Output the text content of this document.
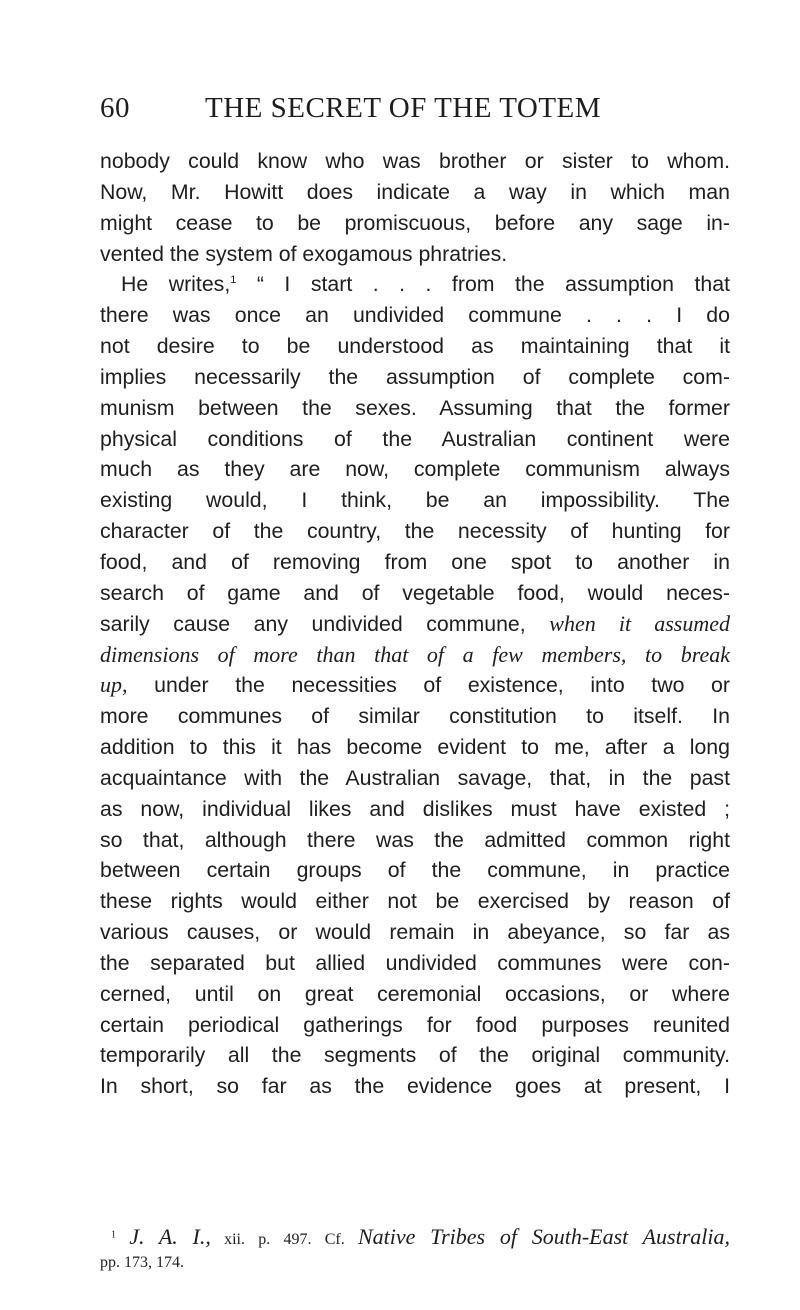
60	THE SECRET OF THE TOTEM
nobody could know who was brother or sister to whom.
Now, Mr. Howitt does indicate a way in which man
might cease to be promiscuous, before any sage in-
vented the system of exogamous phratries.
He writes,$^1$ “ I start . . . from the assumption that
there was once an undivided commune . . . I do
not desire to be understood as maintaining that it
implies necessarily the assumption of complete com-
munism between the sexes. Assuming that the former
physical conditions of the Australian continent were
much as they are now, complete communism always
existing would, I think, be an impossibility. The
character of the country, the necessity of hunting for
food, and of removing from one spot to another in
search of game and of vegetable food, would neces-
sarily cause any undivided commune, when it assumed
dimensions of more than that of a few members, to break
up, under the necessities of existence, into two or
more communes of similar constitution to itself. In
addition to this it has become evident to me, after a long
acquaintance with the Australian savage, that, in the past
as now, individual likes and dislikes must have existed ;
so that, although there was the admitted common right
between certain groups of the commune, in practice
these rights would either not be exercised by reason of
various causes, or would remain in abeyance, so far as
the separated but allied undivided communes were con-
cerned, until on great ceremonial occasions, or where
certain periodical gatherings for food purposes reunited
temporarily all the segments of the original community.
In short, so far as the evidence goes at present, I
$^1$ J. A. I., xii. p. 497. Cf. Native Tribes of South-East Australia,
pp. 173, 174.
